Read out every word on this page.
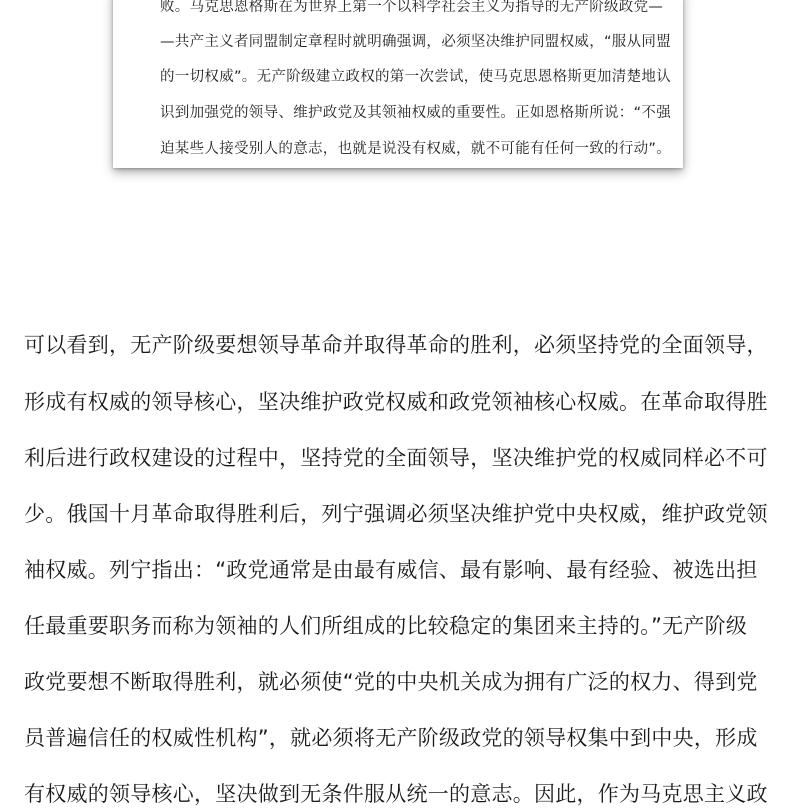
败。马克思恩格斯在为世界上第一个以科学社会主义为指导的无产阶级政党—
—共产主义者同盟制定章程时就明确强调，必须坚决维护同盟权威，“服从同盟
的一切权威”。无产阶级建立政权的第一次尝试，使马克思恩格斯更加清楚地认
识到加强党的领导、维护政党及其领袖权威的重要性。正如恩格斯所说：“不强
迫某些人接受别人的意志，也就是说没有权威，就不可能有任何一致的行动”。
可以看到，无产阶级要想领导革命并取得革命的胜利，必须坚持党的全面领导，
形成有权威的领导核心，坚决维护政党权威和政党领袖核心权威。在革命取得胜
利后进行政权建设的过程中，坚持党的全面领导，坚决维护党的权威同样必不可
少。俄国十月革命取得胜利后，列宁强调必须坚决维护党中央权威，维护政党领
袖权威。列宁指出：“政党通常是由最有威信、最有影响、最有经验、被选出担
任最重要职务而称为领袖的人们所组成的比较稳定的集团来主持的。”无产阶级
政党要想不断取得胜利，就必须使“党的中央机关成为拥有广泛的权力、得到党
员普遍信任的权威性机构”，就必须将无产阶级政党的领导权集中到中央，形成
有权威的领导核心，坚决做到无条件服从统一的意志。因此，作为马克思主义政
